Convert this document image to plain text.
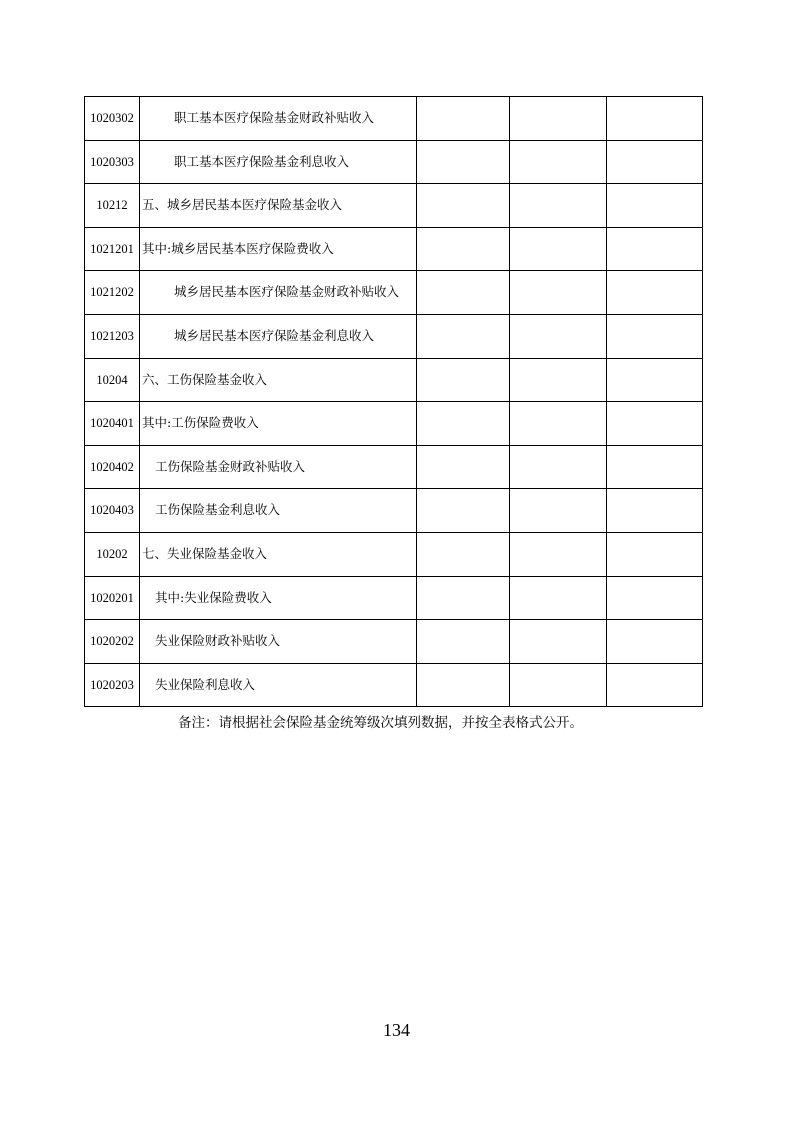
1020302	职工基本医疗保险基金财政补贴收入			
1020303	职工基本医疗保险基金利息收入			
10212	五、城乡居民基本医疗保险基金收入			
1021201	其中:城乡居民基本医疗保险费收入			
1021202	城乡居民基本医疗保险基金财政补贴收入			
1021203	城乡居民基本医疗保险基金利息收入			
10204	六、工伤保险基金收入			
1020401	其中:工伤保险费收入			
1020402	工伤保险基金财政补贴收入			
1020403	工伤保险基金利息收入			
10202	七、失业保险基金收入			
1020201	其中:失业保险费收入			
1020202	失业保险财政补贴收入			
1020203	失业保险利息收入			
备注：请根据社会保险基金统筹级次填列数据，并按全表格式公开。
134
